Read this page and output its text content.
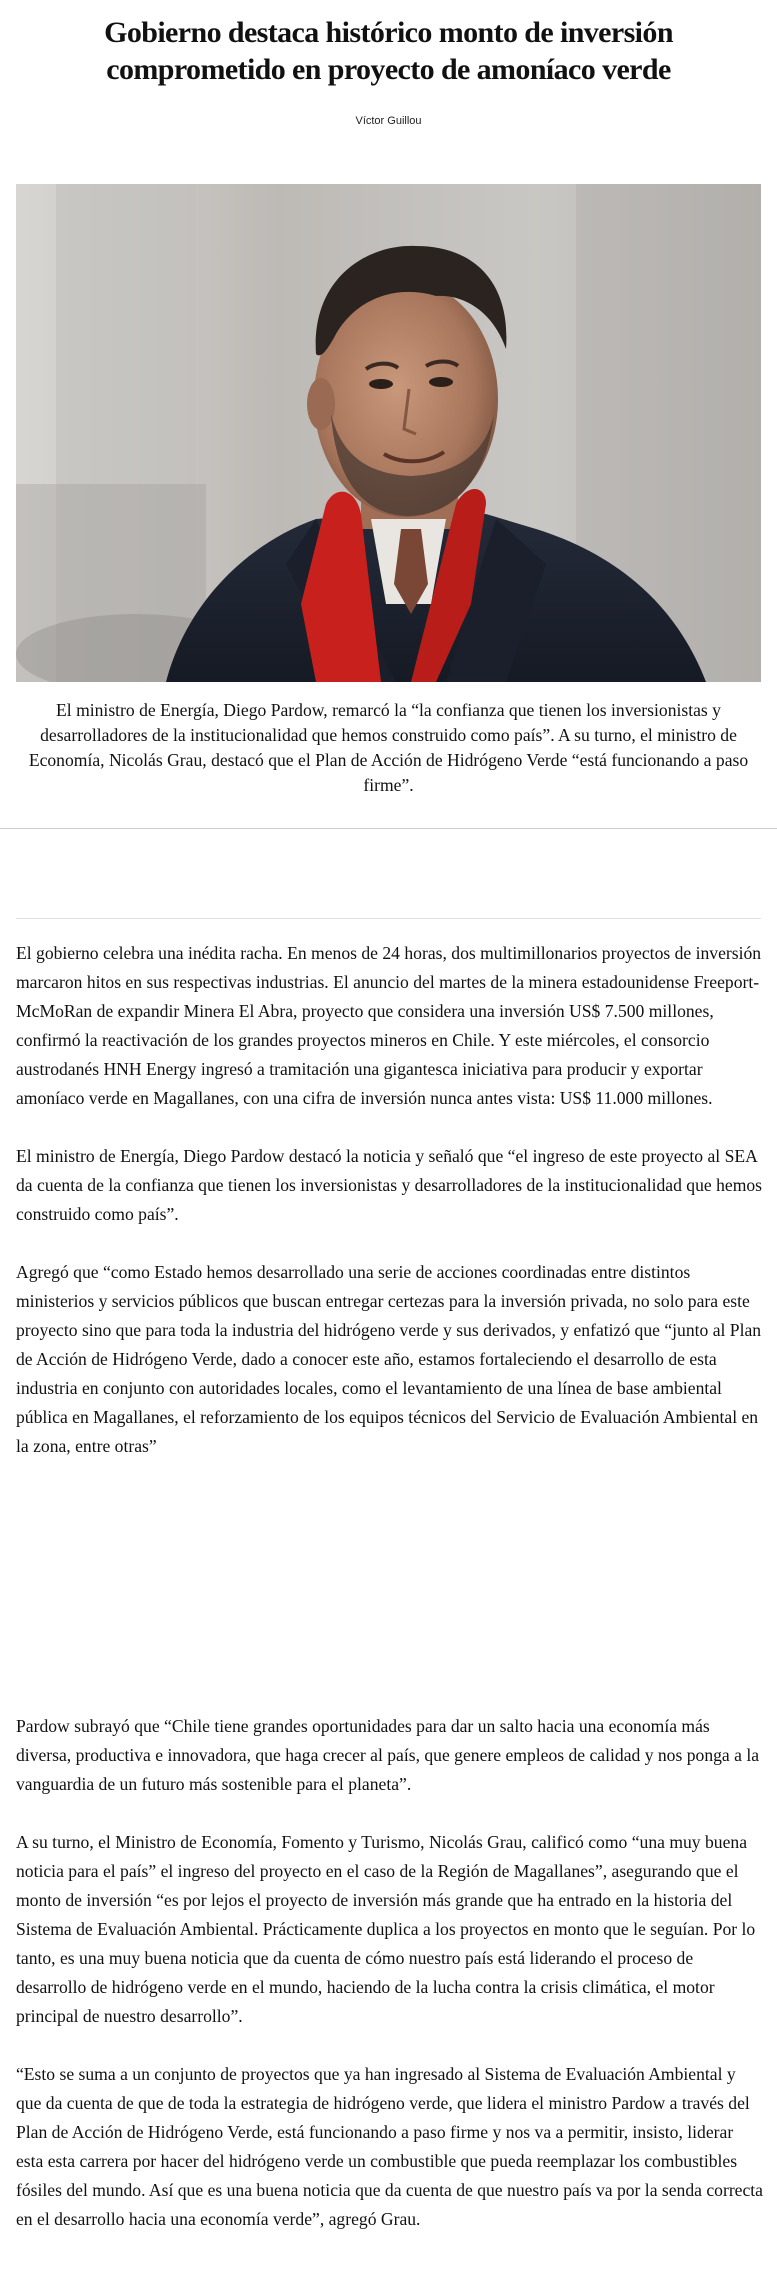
Gobierno destaca histórico monto de inversión comprometido en proyecto de amoníaco verde
Víctor Guillou

El ministro de Energía, Diego Pardow, remarcó la “la confianza que tienen los inversionistas y desarrolladores de la institucionalidad que hemos construido como país”. A su turno, el ministro de Economía, Nicolás Grau, destacó que el Plan de Acción de Hidrógeno Verde “está funcionando a paso firme”.

El gobierno celebra una inédita racha. En menos de 24 horas, dos multimillonarios proyectos de inversión marcaron hitos en sus respectivas industrias. El anuncio del martes de la minera estadounidense Freeport-McMoRan de expandir Minera El Abra, proyecto que considera una inversión US$ 7.500 millones, confirmó la reactivación de los grandes proyectos mineros en Chile. Y este miércoles, el consorcio austrodanés HNH Energy ingresó a tramitación una gigantesca iniciativa para producir y exportar amoníaco verde en Magallanes, con una cifra de inversión nunca antes vista: US$ 11.000 millones.

El ministro de Energía, Diego Pardow destacó la noticia y señaló que “el ingreso de este proyecto al SEA da cuenta de la confianza que tienen los inversionistas y desarrolladores de la institucionalidad que hemos construido como país”.

Agregó que “como Estado hemos desarrollado una serie de acciones coordinadas entre distintos ministerios y servicios públicos que buscan entregar certezas para la inversión privada, no solo para este proyecto sino que para toda la industria del hidrógeno verde y sus derivados, y enfatizó que “junto al Plan de Acción de Hidrógeno Verde, dado a conocer este año, estamos fortaleciendo el desarrollo de esta industria en conjunto con autoridades locales, como el levantamiento de una línea de base ambiental pública en Magallanes, el reforzamiento de los equipos técnicos del Servicio de Evaluación Ambiental en la zona, entre otras”

Pardow subrayó que “Chile tiene grandes oportunidades para dar un salto hacia una economía más diversa, productiva e innovadora, que haga crecer al país, que genere empleos de calidad y nos ponga a la vanguardia de un futuro más sostenible para el planeta”.

A su turno, el Ministro de Economía, Fomento y Turismo, Nicolás Grau, calificó como “una muy buena noticia para el país” el ingreso del proyecto en el caso de la Región de Magallanes”, asegurando que el monto de inversión “es por lejos el proyecto de inversión más grande que ha entrado en la historia del Sistema de Evaluación Ambiental. Prácticamente duplica a los proyectos en monto que le seguían. Por lo tanto, es una muy buena noticia que da cuenta de cómo nuestro país está liderando el proceso de desarrollo de hidrógeno verde en el mundo, haciendo de la lucha contra la crisis climática, el motor principal de nuestro desarrollo”.

“Esto se suma a un conjunto de proyectos que ya han ingresado al Sistema de Evaluación Ambiental y que da cuenta de que de toda la estrategia de hidrógeno verde, que lidera el ministro Pardow a través del Plan de Acción de Hidrógeno Verde, está funcionando a paso firme y nos va a permitir, insisto, liderar esta esta carrera por hacer del hidrógeno verde un combustible que pueda reemplazar los combustibles fósiles del mundo. Así que es una buena noticia que da cuenta de que nuestro país va por la senda correcta en el desarrollo hacia una economía verde”, agregó Grau.
